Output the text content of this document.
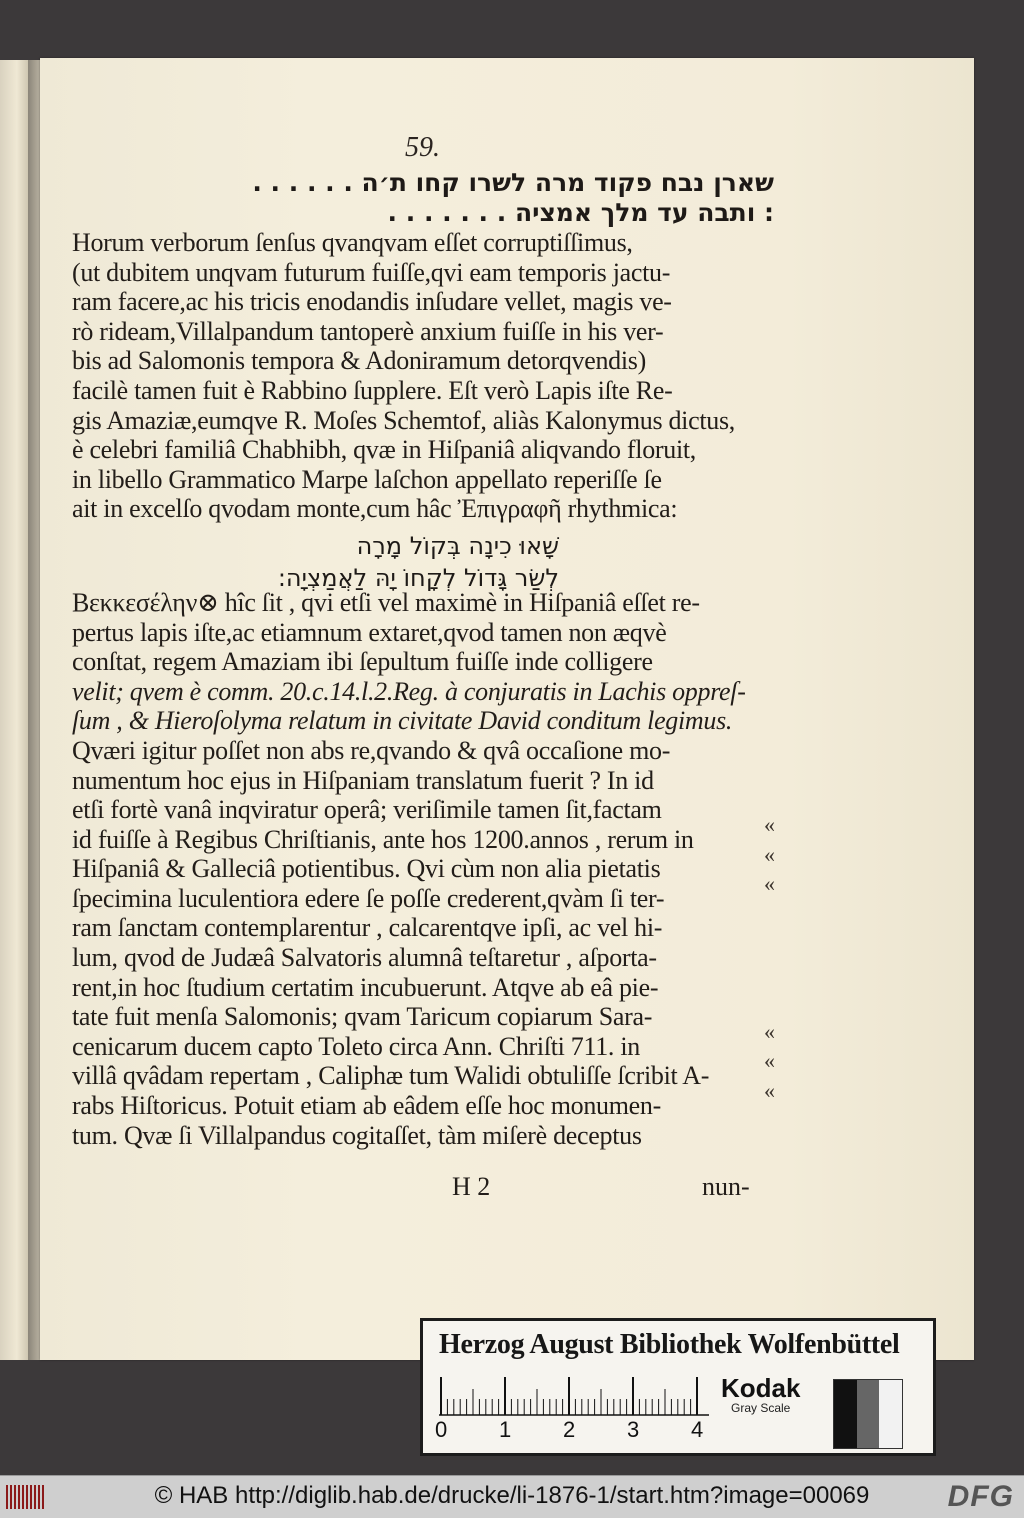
59.
שארן נבח פקוד מרה לשרו קחו ת׳ה . . . . . .
: ותבה עד מלך אמציה . . . . . . .
Horum verborum ſenſus qvanqvam eſſet corruptiſſimus,
(ut dubitem unqvam futurum fuiſſe,qvi eam temporis jactu-
ram facere,ac his tricis enodandis inſudare vellet, magis ve-
rò rideam,Villalpandum tantoperè anxium fuiſſe in his ver-
bis ad Salomonis tempora & Adoniramum detorqvendis)
facilè tamen fuit è Rabbino ſupplere. Eſt verò Lapis iſte Re-
gis Amaziæ,eumqve R. Moſes Schemtof, aliàs Kalonymus dictus,
è celebri familiâ Chabhibh, qvæ in Hiſpaniâ aliqvando floruit,
in libello Grammatico Marpe laſchon appellato reperiſſe ſe
ait in excelſo qvodam monte,cum hâc Ἐπιγραφῆ rhythmica:
Βεκκεσέλην⊗ hîc ſit , qvi etſi vel maximè in Hiſpaniâ eſſet re-
pertus lapis iſte,ac etiamnum extaret,qvod tamen non æqvè
conſtat, regem Amaziam ibi ſepultum fuiſſe inde colligere
velit; qvem è comm. 20.c.14.l.2.Reg. à conjuratis in Lachis oppreſ-
ſum , & Hieroſolyma relatum in civitate David conditum legimus.
Qværi igitur poſſet non abs re,qvando & qvâ occaſione mo-
numentum hoc ejus in Hiſpaniam translatum fuerit ? In id
etſi fortè vanâ inqviratur operâ; veriſimile tamen ſit,factam
id fuiſſe à Regibus Chriſtianis, ante hos 1200.annos , rerum in
Hiſpaniâ & Galleciâ potientibus. Qvi cùm non alia pietatis
ſpecimina luculentiora edere ſe poſſe crederent,qvàm ſi ter-
ram ſanctam contemplarentur , calcarentqve ipſi, ac vel hi-
lum, qvod de Judæâ Salvatoris alumnâ teſtaretur , aſporta-
rent,in hoc ſtudium certatim incubuerunt. Atqve ab eâ pie-
tate fuit menſa Salomonis; qvam Taricum copiarum Sara-
cenicarum ducem capto Toleto circa Ann. Chriſti 711. in
villâ qvâdam repertam , Caliphæ tum Walidi obtuliſſe ſcribit A-
rabs Hiſtoricus. Potuit etiam ab eâdem eſſe hoc monumen-
tum. Qvæ ſi Villalpandus cogitaſſet, tàm miſerè deceptus
שָׁאוּ כִינָה בְּקוֹל מָרָה
לְשַׂר גָּדוֹל לְקָחוֹ יָהּ לַאֲמַצְיָה:
«
«
«
«
«
«
H 2	nun-
Herzog August Bibliothek Wolfenbüttel
0 1 2 3 4
Kodak
Gray Scale
© HAB http://diglib.hab.de/drucke/li-1876-1/start.htm?image=00069	DFG
